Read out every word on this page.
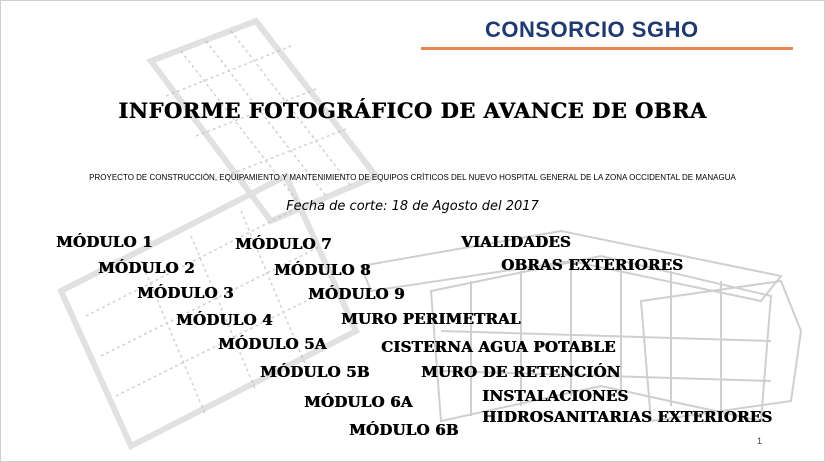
CONSORCIO SGHO
INFORME FOTOGRÁFICO DE AVANCE DE OBRA
PROYECTO DE CONSTRUCCIÓN, EQUIPAMIENTO Y MANTENIMIENTO DE EQUIPOS CRÍTICOS DEL NUEVO HOSPITAL GENERAL DE LA ZONA OCCIDENTAL DE MANAGUA
Fecha de corte: 18 de Agosto del 2017
MÓDULO 1
MÓDULO 2
MÓDULO 3
MÓDULO 4
MÓDULO 5A
MÓDULO 5B
MÓDULO 6A
MÓDULO 6B
MÓDULO 7
MÓDULO 8
MÓDULO 9
MURO PERIMETRAL
CISTERNA AGUA POTABLE
MURO DE RETENCIÓN
INSTALACIONES
HIDROSANITARIAS EXTERIORES
VIALIDADES
OBRAS EXTERIORES
1
